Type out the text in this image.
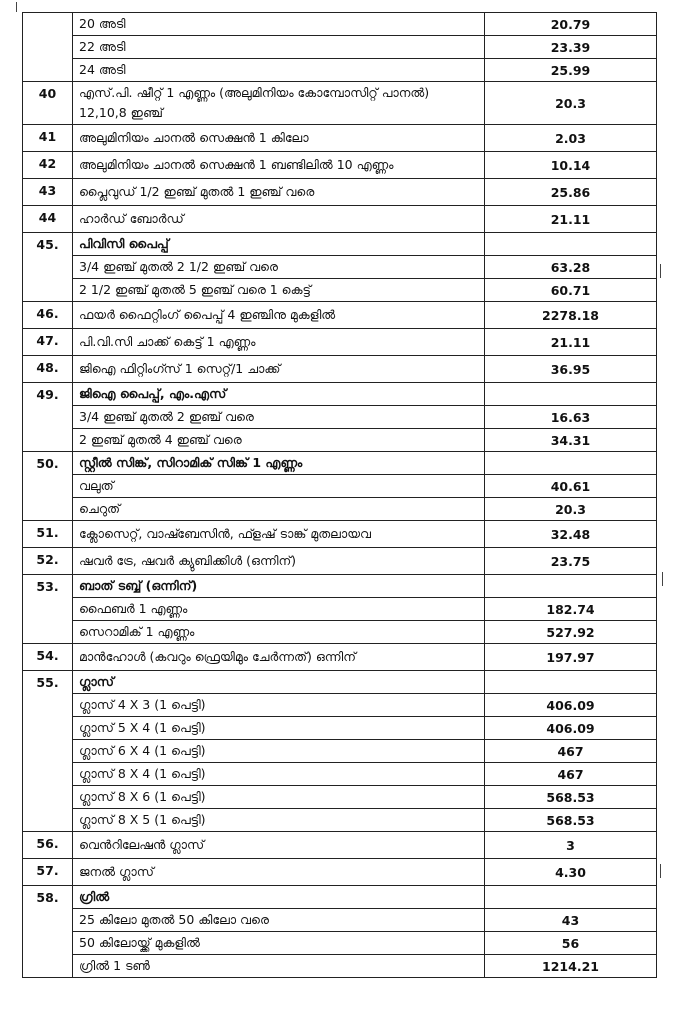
	20 അടി	20.79
	22 അടി	23.39
	24 അടി	25.99
40	എസ്.പി. ഷീറ്റ് 1 എണ്ണം (അലുമിനിയം കോമ്പോസിറ്റ് പാനൽ) 12,10,8 ഇഞ്ച്	20.3
41	അലുമിനിയം ചാനൽ സെക്ഷൻ 1 കിലോ	2.03
42	അലുമിനിയം ചാനൽ സെക്ഷൻ 1 ബണ്ടിലിൽ 10 എണ്ണം	10.14
43	പ്ലൈവുഡ് 1/2 ഇഞ്ച് മുതൽ 1 ഇഞ്ച് വരെ	25.86
44	ഹാർഡ് ബോർഡ്	21.11
45.	പിവിസി പൈപ്പ്	
	3/4 ഇഞ്ച് മുതൽ 2 1/2 ഇഞ്ച് വരെ	63.28
	2 1/2 ഇഞ്ച് മുതൽ 5 ഇഞ്ച് വരെ 1 കെട്ട്	60.71
46.	ഫയർ ഫൈറ്റിംഗ് പൈപ്പ് 4 ഇഞ്ചിനു മുകളിൽ	2278.18
47.	പി.വി.സി ചാക്ക് കെട്ട് 1 എണ്ണം	21.11
48.	ജിഐ ഫിറ്റിംഗ്സ് 1 സെറ്റ്/1 ചാക്ക്	36.95
49.	ജിഐ പൈപ്പ്, എം.എസ്	
	3/4 ഇഞ്ച് മുതൽ 2 ഇഞ്ച് വരെ	16.63
	2 ഇഞ്ച് മുതൽ 4 ഇഞ്ച് വരെ	34.31
50.	സ്റ്റീൽ സിങ്ക്, സിറാമിക് സിങ്ക് 1 എണ്ണം	
	വലുത്	40.61
	ചെറുത്	20.3
51.	ക്ലോസെറ്റ്, വാഷ്ബേസിൻ, ഫ്ളഷ് ടാങ്ക് മുതലായവ	32.48
52.	ഷവർ ട്രേ, ഷവർ ക്യുബിക്കിൾ (ഒന്നിന്)	23.75
53.	ബാത് ടബ്ബ് (ഒന്നിന്)	
	ഫൈബർ 1 എണ്ണം	182.74
	സെറാമിക് 1 എണ്ണം	527.92
54.	മാൻഹോൾ (കവറും ഫ്രെയിമും ചേർന്നത്) ഒന്നിന്	197.97
55.	ഗ്ലാസ്	
	ഗ്ലാസ് 4 X 3 (1 പെട്ടി)	406.09
	ഗ്ലാസ് 5 X 4 (1 പെട്ടി)	406.09
	ഗ്ലാസ് 6 X 4 (1 പെട്ടി)	467
	ഗ്ലാസ് 8 X 4 (1 പെട്ടി)	467
	ഗ്ലാസ് 8 X 6 (1 പെട്ടി)	568.53
	ഗ്ലാസ് 8 X 5 (1 പെട്ടി)	568.53
56.	വെൻറിലേഷൻ ഗ്ലാസ്	3
57.	ജനൽ ഗ്ലാസ്	4.30
58.	ഗ്രിൽ	
	25 കിലോ മുതൽ 50 കിലോ വരെ	43
	50 കിലോയ്ക്ക് മുകളിൽ	56
	ഗ്രിൽ 1 ടൺ	1214.21
